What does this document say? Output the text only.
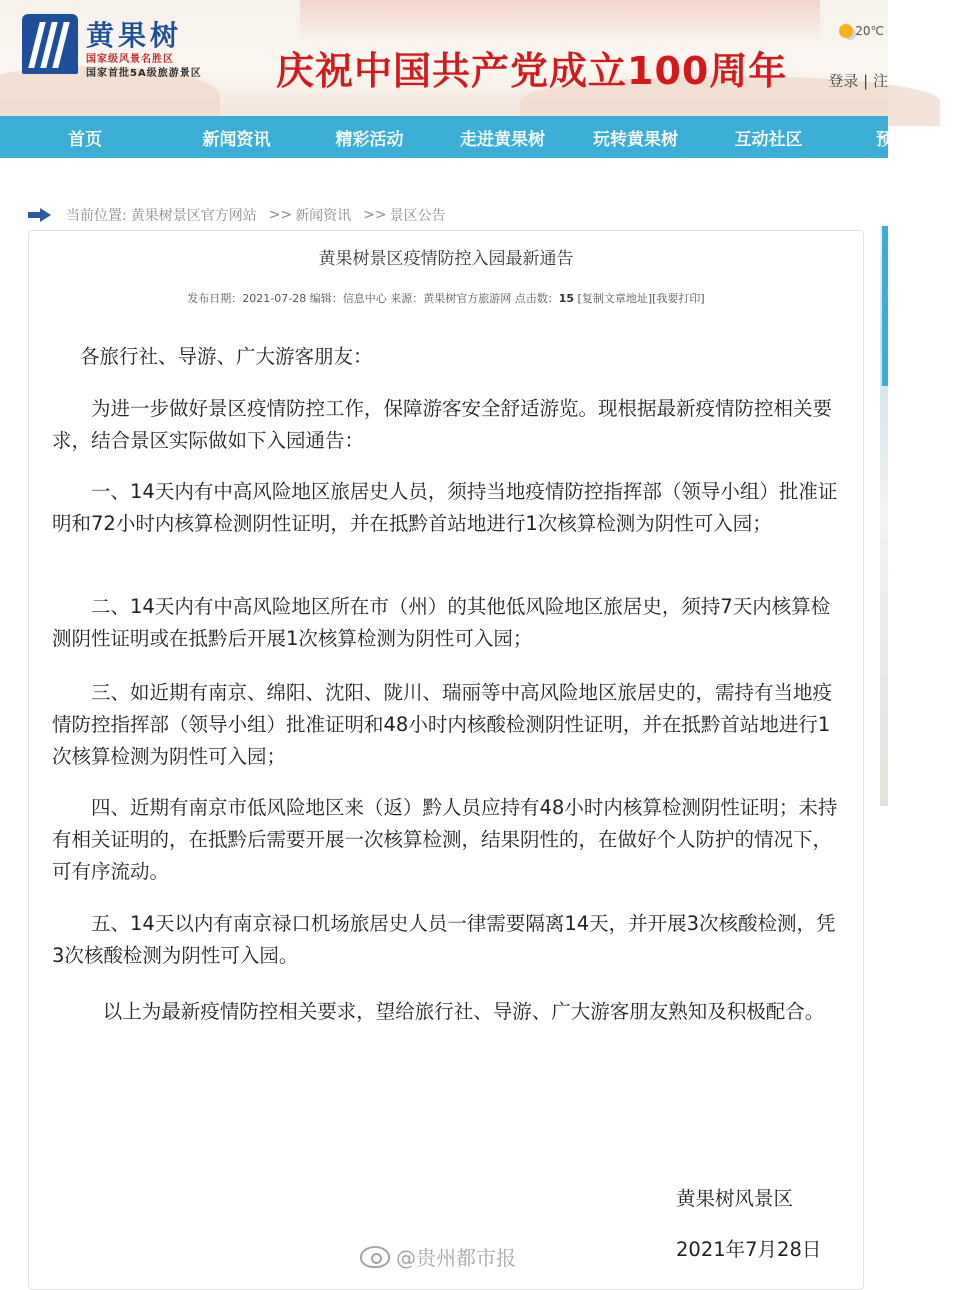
黄果树
国家级风景名胜区
国家首批5A级旅游景区 庆祝中国共产党成立100周年
20℃
登录 | 注
首页	新闻资讯	精彩活动	走进黄果树	玩转黄果树	互动社区	预订中
当前位置: 黄果树景区官方网站 >> 新闻资讯 >> 景区公告
黄果树景区疫情防控入园最新通告
发布日期：2021-07-28 编辑：信息中心 来源：黄果树官方旅游网 点击数：15 [复制文章地址][我要打印]
各旅行社、导游、广大游客朋友：

为进一步做好景区疫情防控工作，保障游客安全舒适游览。现根据最新疫情防控相关要求，结合景区实际做如下入园通告：

一、14天内有中高风险地区旅居史人员，须持当地疫情防控指挥部（领导小组）批准证明和72小时内核算检测阴性证明，并在抵黔首站地进行1次核算检测为阴性可入园；

二、14天内有中高风险地区所在市（州）的其他低风险地区旅居史，须持7天内核算检测阴性证明或在抵黔后开展1次核算检测为阴性可入园；

三、如近期有南京、绵阳、沈阳、陇川、瑞丽等中高风险地区旅居史的，需持有当地疫情防控指挥部（领导小组）批准证明和48小时内核酸检测阴性证明，并在抵黔首站地进行1次核算检测为阴性可入园；

四、近期有南京市低风险地区来（返）黔人员应持有48小时内核算检测阴性证明；未持有相关证明的，在抵黔后需要开展一次核算检测，结果阴性的，在做好个人防护的情况下，可有序流动。

五、14天以内有南京禄口机场旅居史人员一律需要隔离14天，并开展3次核酸检测，凭3次核酸检测为阴性可入园。

以上为最新疫情防控相关要求，望给旅行社、导游、广大游客朋友熟知及积极配合。

黄果树风景区
@贵州都市报	2021年7月28日
